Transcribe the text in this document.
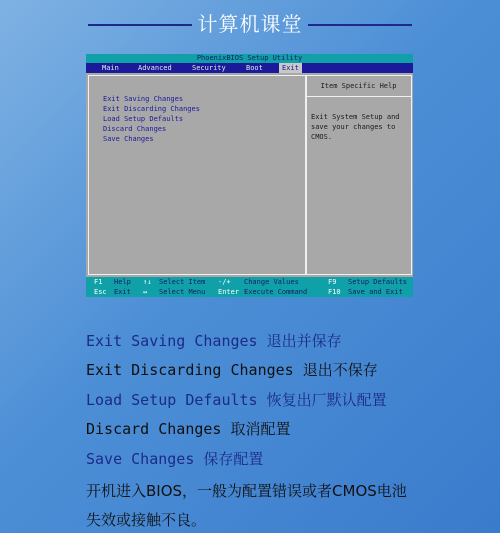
计算机课堂
PhoenixBIOS Setup Utility
Main	Advanced	Security	Boot	Exit
Exit Saving Changes
Exit Discarding Changes
Load Setup Defaults
Discard Changes
Save Changes
Item Specific Help
Exit System Setup and save your changes to CMOS.
F1 Help ↑↓ Select Item -/+ Change Values	F9 Setup Defaults
Esc Exit ↔ Select Menu Enter Execute Command	F10 Save and Exit
Exit Saving Changes 退出并保存
Exit Discarding Changes 退出不保存
Load Setup Defaults 恢复出厂默认配置
Discard Changes 取消配置
Save Changes 保存配置
开机进入BIOS，一般为配置错误或者CMOS电池
失效或接触不良。
